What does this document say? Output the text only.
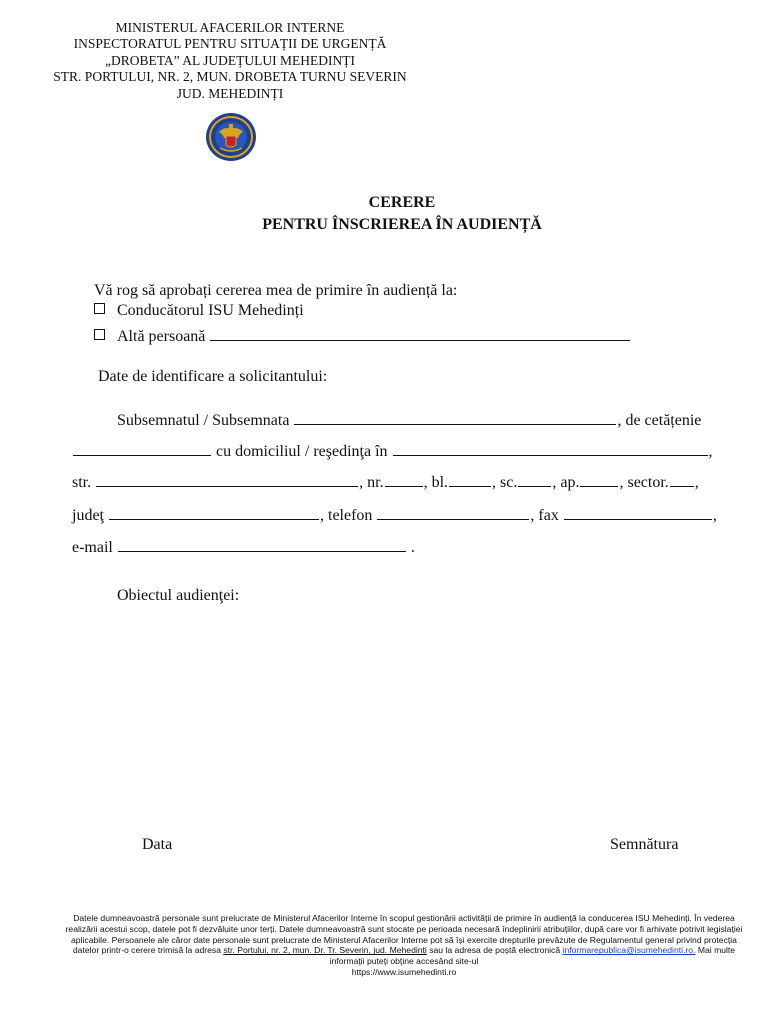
MINISTERUL AFACERILOR INTERNE
INSPECTORATUL PENTRU SITUAȚII DE URGENȚĂ
„DROBETA” AL JUDEȚULUI MEHEDINȚI
STR. PORTULUI, NR. 2, MUN. DROBETA TURNU SEVERIN
JUD. MEHEDINȚI
CERERE
PENTRU ÎNSCRIEREA ÎN AUDIENȚĂ
Vă rog să aprobați cererea mea de primire în audiență la:
Conducătorul ISU Mehedinți
Altă persoană
Date de identificare a solicitantului:
Subsemnatul / Subsemnata	, de cetățenie
cu domiciliul / reşedinţa în	,
str.	, nr.	, bl.	, sc. , ap.	, sector. ,
judeţ	, telefon	, fax	,
e-mail	.
Obiectul audienţei:
Data	Semnătura
Datele dumneavoastră personale sunt prelucrate de Ministerul Afacerilor Interne în scopul gestionării activității de primire în audiență la conducerea ISU Mehedinți. În vederea realizării acestui scop, datele pot fi dezvăluite unor terți. Datele dumneavoastră sunt stocate pe perioada necesară îndeplinirii atribuțiilor, după care vor fi arhivate potrivit legislației aplicabile. Persoanele ale căror date personale sunt prelucrate de Ministerul Afacerilor Interne pot să își exercite drepturile prevăzute de Regulamentul general privind protecția datelor printr-o cerere trimisă la adresa str. Portului, nr. 2, mun. Dr. Tr. Severin, jud. Mehedinți sau la adresa de poștă electronică informarepublica@isumehedinti.ro. Mai multe informații puteți obține accesând site-ul
https://www.isumehedinti.ro
